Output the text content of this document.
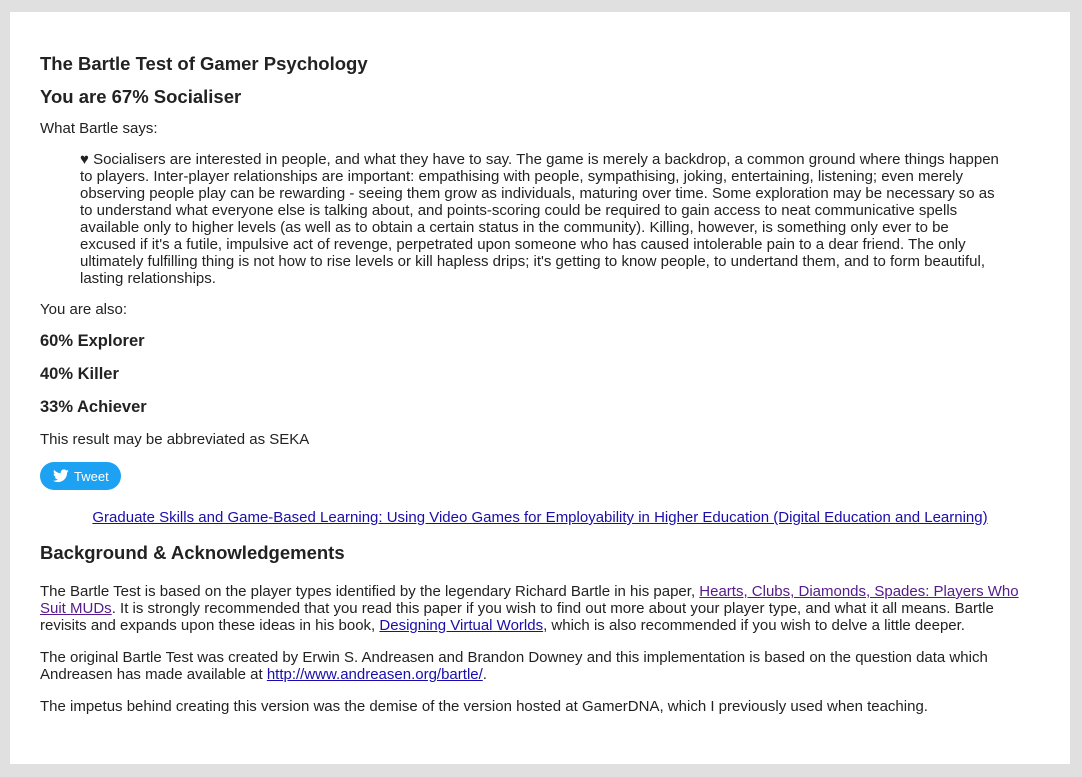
The Bartle Test of Gamer Psychology
You are 67% Socialiser

What Bartle says:

♥ Socialisers are interested in people, and what they have to say. The game is merely a backdrop, a common ground where things happen to players. Inter-player relationships are important: empathising with people, sympathising, joking, entertaining, listening; even merely observing people play can be rewarding - seeing them grow as individuals, maturing over time. Some exploration may be necessary so as to understand what everyone else is talking about, and points-scoring could be required to gain access to neat communicative spells available only to higher levels (as well as to obtain a certain status in the community). Killing, however, is something only ever to be excused if it's a futile, impulsive act of revenge, perpetrated upon someone who has caused intolerable pain to a dear friend. The only ultimately fulfilling thing is not how to rise levels or kill hapless drips; it's getting to know people, to undertand them, and to form beautiful, lasting relationships.

You are also:

60% Explorer
40% Killer
33% Achiever

This result may be abbreviated as SEKA

Tweet
Graduate Skills and Game-Based Learning: Using Video Games for Employability in Higher Education (Digital Education and Learning)
Background & Acknowledgements

The Bartle Test is based on the player types identified by the legendary Richard Bartle in his paper, Hearts, Clubs, Diamonds, Spades: Players Who Suit MUDs. It is strongly recommended that you read this paper if you wish to find out more about your player type, and what it all means. Bartle revisits and expands upon these ideas in his book, Designing Virtual Worlds, which is also recommended if you wish to delve a little deeper.

The original Bartle Test was created by Erwin S. Andreasen and Brandon Downey and this implementation is based on the question data which Andreasen has made available at http://www.andreasen.org/bartle/.

The impetus behind creating this version was the demise of the version hosted at GamerDNA, which I previously used when teaching.
